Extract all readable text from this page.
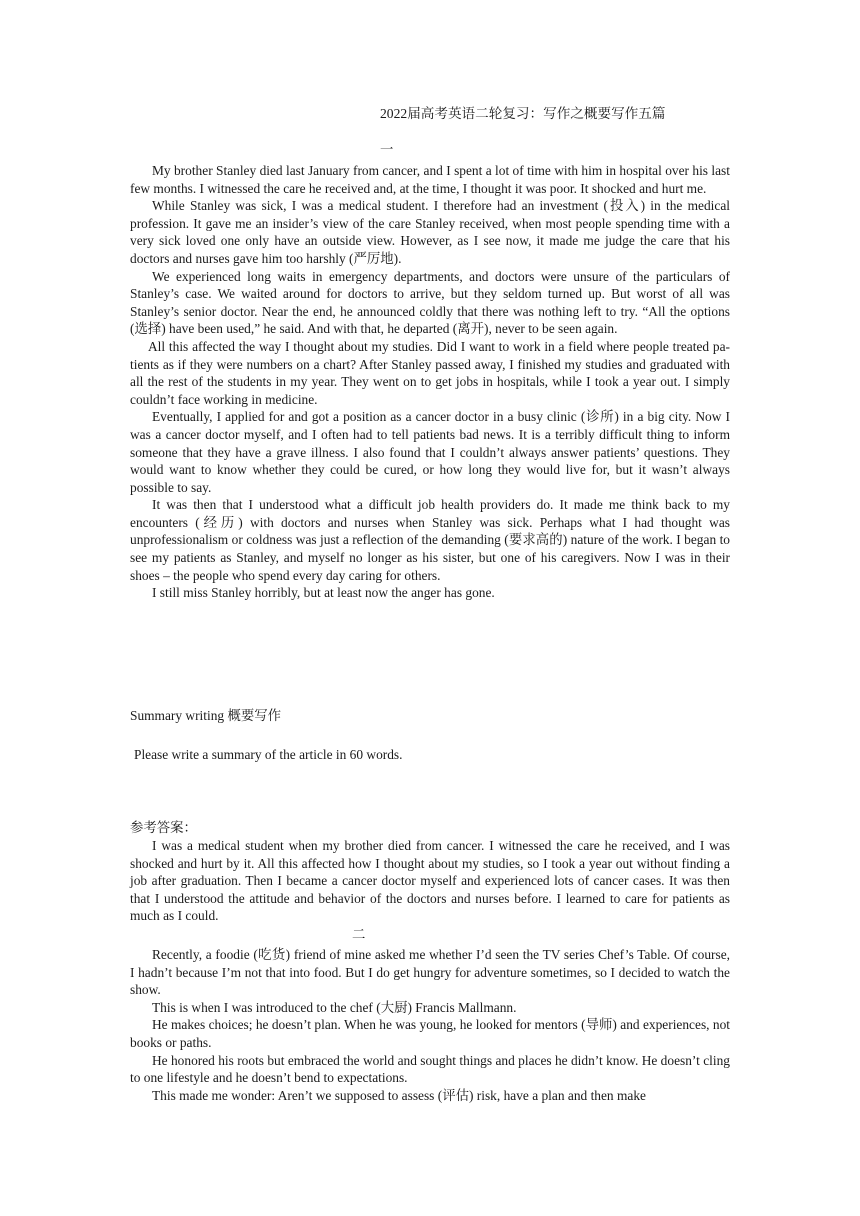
2022届高考英语二轮复习：写作之概要写作五篇
一

My brother Stanley died last January from cancer, and I spent a lot of time with him in hospital over his last few months. I witnessed the care he received and, at the time, I thought it was poor. It shocked and hurt me.

While Stanley was sick, I was a medical student. I therefore had an investment (投入) in the medical profession. It gave me an insider’s view of the care Stanley received, when most people spending time with a very sick loved one only have an outside view. However, as I see now, it made me judge the care that his doctors and nurses gave him too harshly (严厉地).

We experienced long waits in emergency departments, and doctors were unsure of the particulars of Stanley’s case. We waited around for doctors to arrive, but they seldom turned up. But worst of all was Stanley’s senior doctor. Near the end, he announced coldly that there was nothing left to try. “All the options (选择) have been used,” he said. And with that, he departed (离开), never to be seen again.

All this affected the way I thought about my studies. Did I want to work in a field where people treated pa-tients as if they were numbers on a chart? After Stanley passed away, I finished my studies and graduated with all the rest of the students in my year. They went on to get jobs in hospitals, while I took a year out. I simply couldn’t face working in medicine.

Eventually, I applied for and got a position as a cancer doctor in a busy clinic (诊所) in a big city. Now I was a cancer doctor myself, and I often had to tell patients bad news. It is a terribly difficult thing to inform someone that they have a grave illness. I also found that I couldn’t always answer patients’ questions. They would want to know whether they could be cured, or how long they would live for, but it wasn’t always possible to say.

It was then that I understood what a difficult job health providers do. It made me think back to my encounters (经历) with doctors and nurses when Stanley was sick. Perhaps what I had thought was unprofessionalism or coldness was just a reflection of the demanding (要求高的) nature of the work. I began to see my patients as Stanley, and myself no longer as his sister, but one of his caregivers. Now I was in their shoes – the people who spend every day caring for others.

I still miss Stanley horribly, but at least now the anger has gone.

Summary writing 概要写作
Please write a summary of the article in 60 words.
参考答案：

I was a medical student when my brother died from cancer. I witnessed the care he received, and I was shocked and hurt by it. All this affected how I thought about my studies, so I took a year out without finding a job after graduation. Then I became a cancer doctor myself and experienced lots of cancer cases. It was then that I understood the attitude and behavior of the doctors and nurses before. I learned to care for patients as much as I could.

二

Recently, a foodie (吃货) friend of mine asked me whether I’d seen the TV series Chef’s Table. Of course, I hadn’t because I’m not that into food. But I do get hungry for adventure sometimes, so I decided to watch the show.

This is when I was introduced to the chef (大厨) Francis Mallmann.

He makes choices; he doesn’t plan. When he was young, he looked for mentors (导师) and experiences, not books or paths.

He honored his roots but embraced the world and sought things and places he didn’t know. He doesn’t cling to one lifestyle and he doesn’t bend to expectations.

This made me wonder: Aren’t we supposed to assess (评估) risk, have a plan and then make
